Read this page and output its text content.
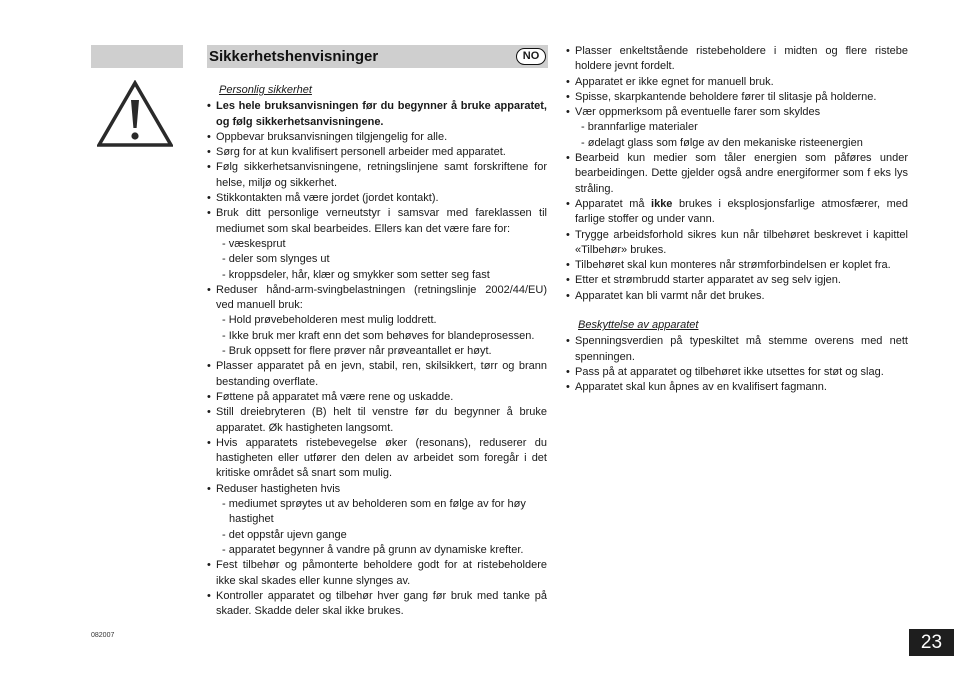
Sikkerhetshenvisninger	NO
Personlig sikkerhet
• Les hele bruksanvisningen før du begynner å bruke apparatet, og følg sikkerhetsanvisningene.
• Oppbevar bruksanvisningen tilgjengelig for alle.
• Sørg for at kun kvalifisert personell arbeider med apparatet.
• Følg sikkerhetsanvisningene, retningslinjene samt forskriftene for helse, miljø og sikkerhet.
• Stikkontakten må være jordet (jordet kontakt).
• Bruk ditt personlige verneutstyr i samsvar med fareklassen til mediumet som skal bearbeides. Ellers kan det være fare for:
- væskesprut
- deler som slynges ut
- kroppsdeler, hår, klær og smykker som setter seg fast
• Reduser hånd-arm-svingbelastningen (retningslinje 2002/44/EU) ved manuell bruk:
- Hold prøvebeholderen mest mulig loddrett.
- Ikke bruk mer kraft enn det som behøves for blandeprosessen.
- Bruk oppsett for flere prøver når prøveantallet er høyt.
• Plasser apparatet på en jevn, stabil, ren, skilsikkert, tørr og brann bestanding overflate.
• Føttene på apparatet må være rene og uskadde.
• Still dreiebryteren (B) helt til venstre før du begynner å bruke apparatet. Øk hastigheten langsomt.
• Hvis apparatets ristebevegelse øker (resonans), reduserer du hastigheten eller utfører den delen av arbeidet som foregår i det kritiske området så snart som mulig.
• Reduser hastigheten hvis
- mediumet sprøytes ut av beholderen som en følge av for høy
hastighet
- det oppstår ujevn gange
- apparatet begynner å vandre på grunn av dynamiske krefter.
• Fest tilbehør og påmonterte beholdere godt for at ristebeholdere ikke skal skades eller kunne slynges av.
• Kontroller apparatet og tilbehør hver gang før bruk med tanke på skader. Skadde deler skal ikke brukes.
• Plasser enkeltstående ristebeholdere i midten og flere ristebe holdere jevnt fordelt.
• Apparatet er ikke egnet for manuell bruk.
• Spisse, skarpkantende beholdere fører til slitasje på holderne.
• Vær oppmerksom på eventuelle farer som skyldes
- brannfarlige materialer
- ødelagt glass som følge av den mekaniske risteenergien
• Bearbeid kun medier som tåler energien som påføres under bearbeidingen. Dette gjelder også andre energiformer som f eks lys stråling.
• Apparatet må ikke brukes i eksplosjonsfarlige atmosfærer, med farlige stoffer og under vann.
• Trygge arbeidsforhold sikres kun når tilbehøret beskrevet i kapittel «Tilbehør» brukes.
• Tilbehøret skal kun monteres når strømforbindelsen er koplet fra.
• Etter et strømbrudd starter apparatet av seg selv igjen.
• Apparatet kan bli varmt når det brukes.
Beskyttelse av apparatet
• Spenningsverdien på typeskiltet må stemme overens med nett spenningen.
• Pass på at apparatet og tilbehøret ikke utsettes for støt og slag.
• Apparatet skal kun åpnes av en kvalifisert fagmann.
082007	23
